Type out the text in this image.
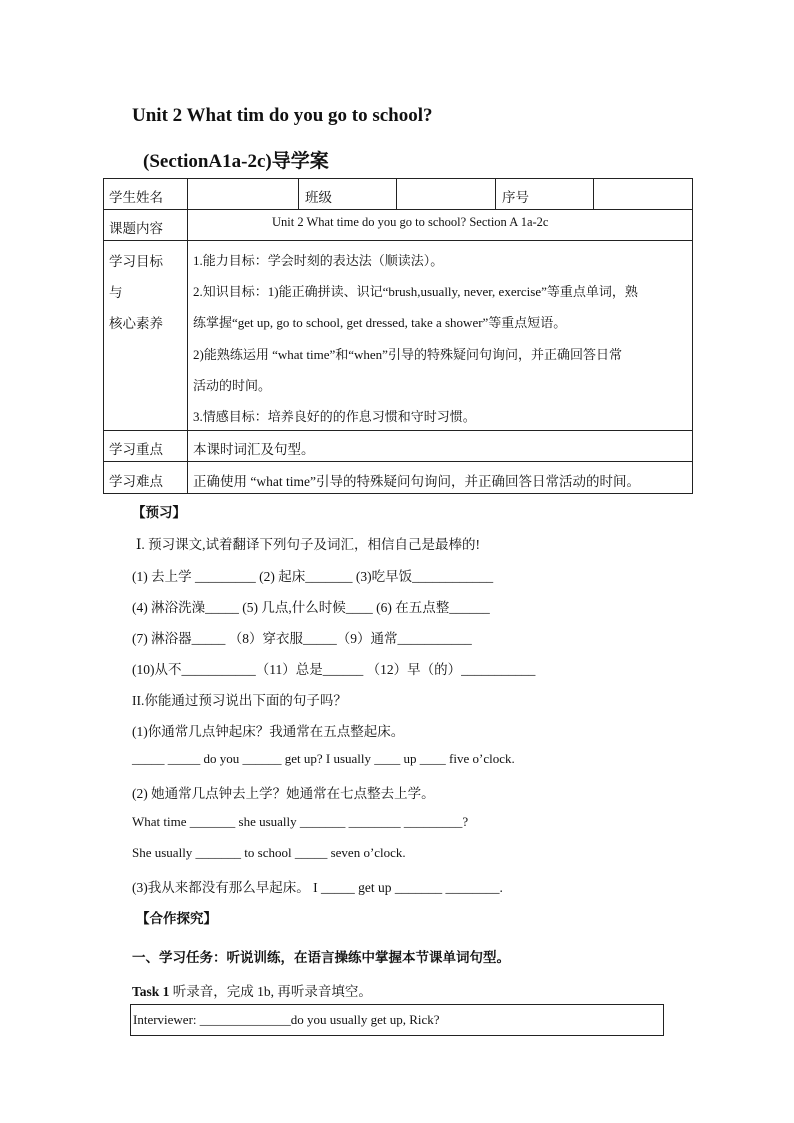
Unit 2 What tim do you go to school?
(SectionA1a-2c)导学案
学生姓名	班级	序号
课题内容	Unit 2 What time do you go to school? Section A 1a-2c
学习目标
与
核心素养
1.能力目标：学会时刻的表达法（顺读法）。
2.知识目标：1)能正确拼读、识记“brush,usually, never, exercise”等重点单词，熟
练掌握“get up, go to school, get dressed, take a shower”等重点短语。
2)能熟练运用 “what time”和“when”引导的特殊疑问句询问，并正确回答日常
活动的时间。
3.情感目标：培养良好的的作息习惯和守时习惯。
学习重点 本课时词汇及句型。
学习难点 正确使用 “what time”引导的特殊疑问句询问，并正确回答日常活动的时间。
【预习】
Ⅰ. 预习课文,试着翻译下列句子及词汇，相信自己是最棒的!
(1) 去上学 _________ (2) 起床_______ (3)吃早饭____________
(4) 淋浴洗澡_____ (5) 几点,什么时候____ (6) 在五点整______
(7) 淋浴器_____ （8）穿衣服_____（9）通常___________
(10)从不___________（11）总是______ （12）早（的）___________
II.你能通过预习说出下面的句子吗？
(1)你通常几点钟起床？我通常在五点整起床。
_____ _____ do you ______ get up? I usually ____ up ____ five o’clock.
(2) 她通常几点钟去上学？她通常在七点整去上学。
What time _______ she usually _______ ________ _________?
She usually _______ to school _____ seven o’clock.
(3)我从来都没有那么早起床。 I _____ get up _______ ________.
【合作探究】
一、学习任务：听说训练，在语言操练中掌握本节课单词句型。
Task 1 听录音，完成 1b, 再听录音填空。
Interviewer: ______________do you usually get up, Rick?
